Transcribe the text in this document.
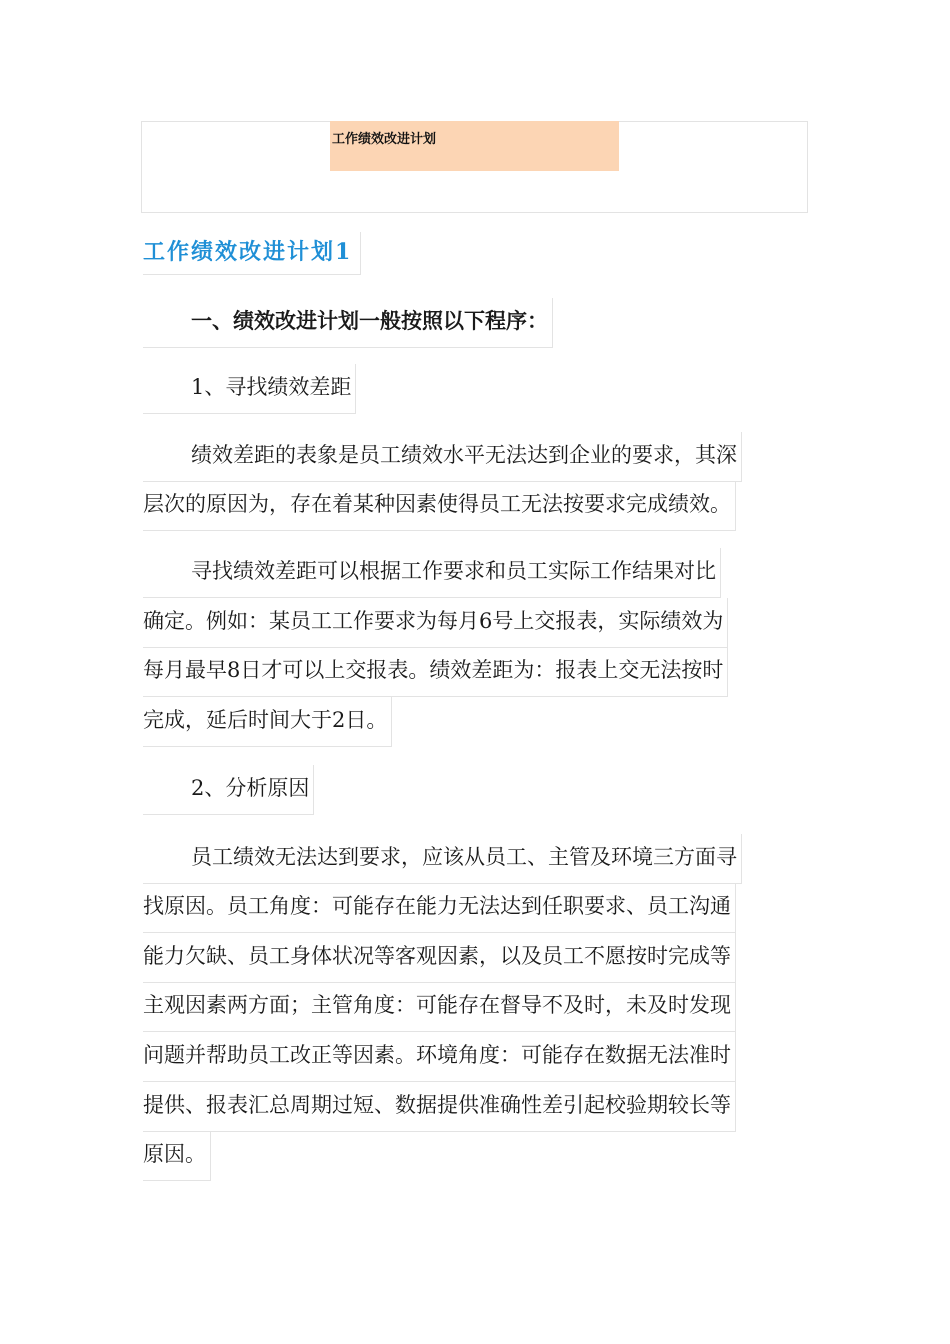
工作绩效改进计划
工作绩效改进计划1
一、绩效改进计划一般按照以下程序：
1、寻找绩效差距
绩效差距的表象是员工绩效水平无法达到企业的要求，其深
层次的原因为，存在着某种因素使得员工无法按要求完成绩效。
寻找绩效差距可以根据工作要求和员工实际工作结果对比
确定。例如：某员工工作要求为每月6号上交报表，实际绩效为
每月最早8日才可以上交报表。绩效差距为：报表上交无法按时
完成，延后时间大于2日。
2、分析原因
员工绩效无法达到要求，应该从员工、主管及环境三方面寻
找原因。员工角度：可能存在能力无法达到任职要求、员工沟通
能力欠缺、员工身体状况等客观因素，以及员工不愿按时完成等
主观因素两方面；主管角度：可能存在督导不及时，未及时发现
问题并帮助员工改正等因素。环境角度：可能存在数据无法准时
提供、报表汇总周期过短、数据提供准确性差引起校验期较长等
原因。
